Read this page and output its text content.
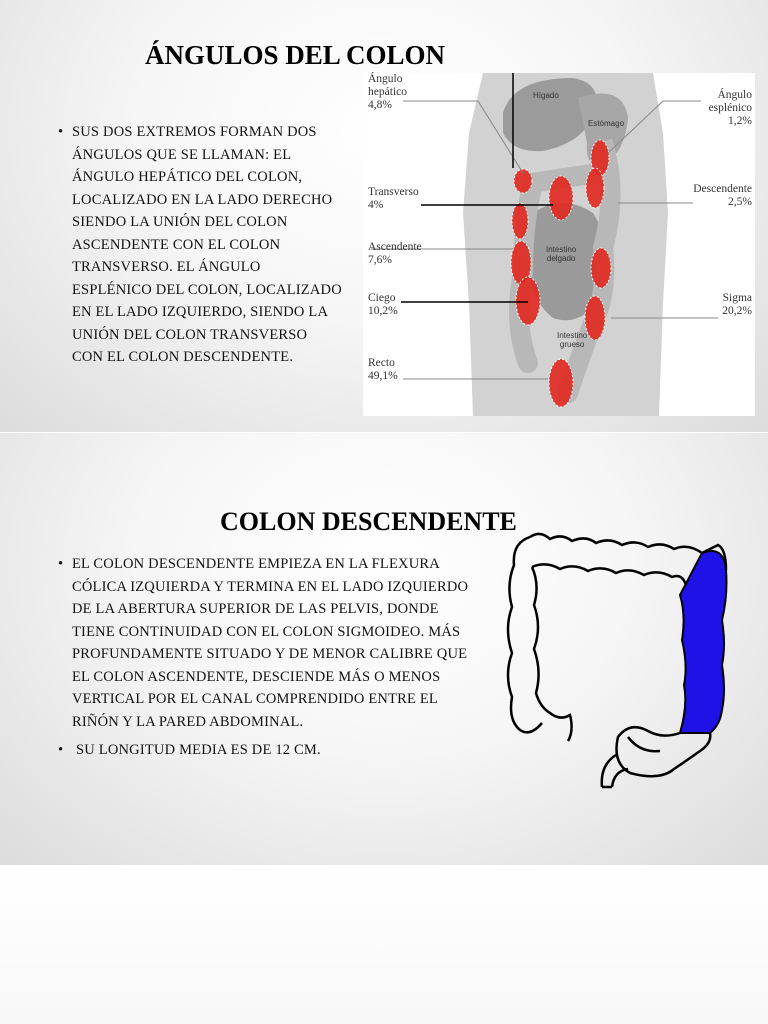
ÁNGULOS DEL COLON
• SUS DOS EXTREMOS FORMAN DOS ÁNGULOS QUE SE LLAMAN: EL ÁNGULO HEPÁTICO DEL COLON, LOCALIZADO EN LA LADO DERECHO SIENDO LA UNIÓN DEL COLON ASCENDENTE CON EL COLON TRANSVERSO. EL ÁNGULO ESPLÉNICO DEL COLON, LOCALIZADO EN EL LADO IZQUIERDO, SIENDO LA UNIÓN DEL COLON TRANSVERSO CON EL COLON DESCENDENTE.
Ángulo
hepático
4,8%
Transverso
4%
Ascendente
7,6%
Ciego
10,2%
Recto
49,1%
Ángulo
esplénico
1,2%
Descendente
2,5%
Sigma
20,2%
Hígado
Estómago
Intestino
delgado
Intestino
grueso
COLON DESCENDENTE
• EL COLON DESCENDENTE EMPIEZA EN LA FLEXURA CÓLICA IZQUIERDA Y TERMINA EN EL LADO IZQUIERDO DE LA ABERTURA SUPERIOR DE LAS PELVIS, DONDE TIENE CONTINUIDAD CON EL COLON SIGMOIDEO. MÁS PROFUNDAMENTE SITUADO Y DE MENOR CALIBRE QUE EL COLON ASCENDENTE, DESCIENDE MÁS O MENOS VERTICAL POR EL CANAL COMPRENDIDO ENTRE EL RIÑÓN Y LA PARED ABDOMINAL.
• SU LONGITUD MEDIA ES DE 12 CM.
